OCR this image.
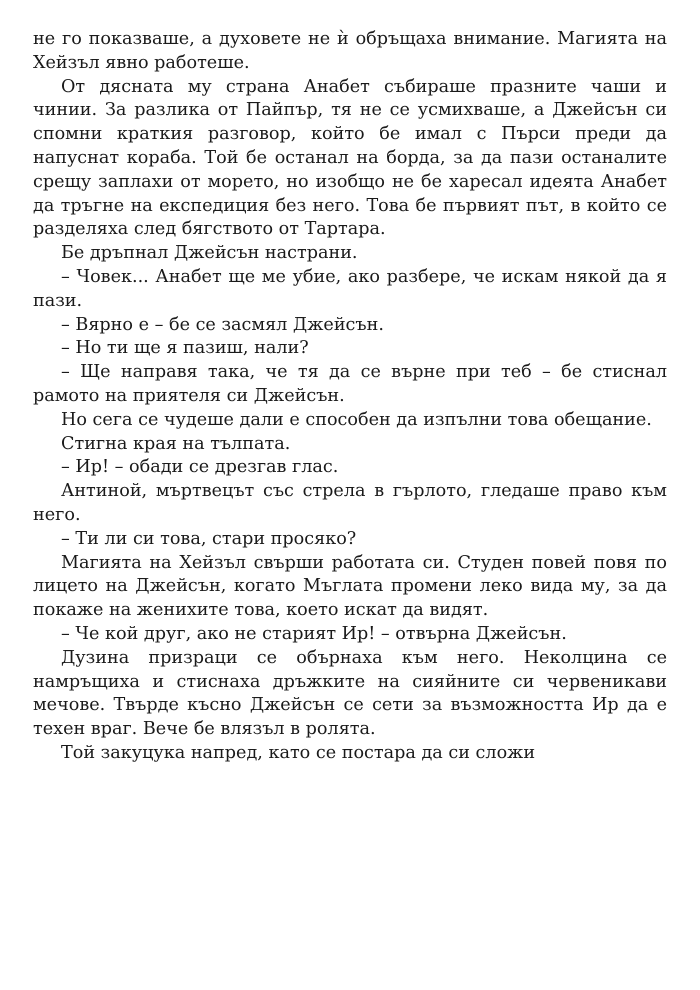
не го показваше, а духовете не ѝ обръщаха внимание. Магията на Хейзъл явно работеше.

От дясната му страна Анабет събираше празните чаши и чинии. За разлика от Пайпър, тя не се усмихваше, а Джейсън си спомни краткия разговор, който бе имал с Пърси преди да напуснат кораба. Той бе останал на борда, за да пази останалите срещу заплахи от морето, но изобщо не бе харесал идеята Анабет да тръгне на експедиция без него. Това бе първият път, в който се разделяха след бягството от Тартара.

Бе дръпнал Джейсън настрани.

– Човек... Анабет ще ме убие, ако разбере, че искам някой да я пази.

– Вярно е – бе се засмял Джейсън.

– Но ти ще я пазиш, нали?

– Ще направя така, че тя да се върне при теб – бе стиснал рамото на приятеля си Джейсън.

Но сега се чудеше дали е способен да изпълни това обещание.

Стигна края на тълпата.

– Ир! – обади се дрезгав глас.

Антиной, мъртвецът със стрела в гърлото, гледаше право към него.

– Ти ли си това, стари просяко?

Магията на Хейзъл свърши работата си. Студен повей повя по лицето на Джейсън, когато Мъглата промени леко вида му, за да покаже на женихите това, което искат да видят.

– Че кой друг, ако не старият Ир! – отвърна Джейсън.

Дузина призраци се обърнаха към него. Неколцина се намръщиха и стиснаха дръжките на сияйните си червеникави мечове. Твърде късно Джейсън се сети за възможността Ир да е техен враг. Вече бе влязъл в ролята.

Той закуцука напред, като се постара да си сложи
